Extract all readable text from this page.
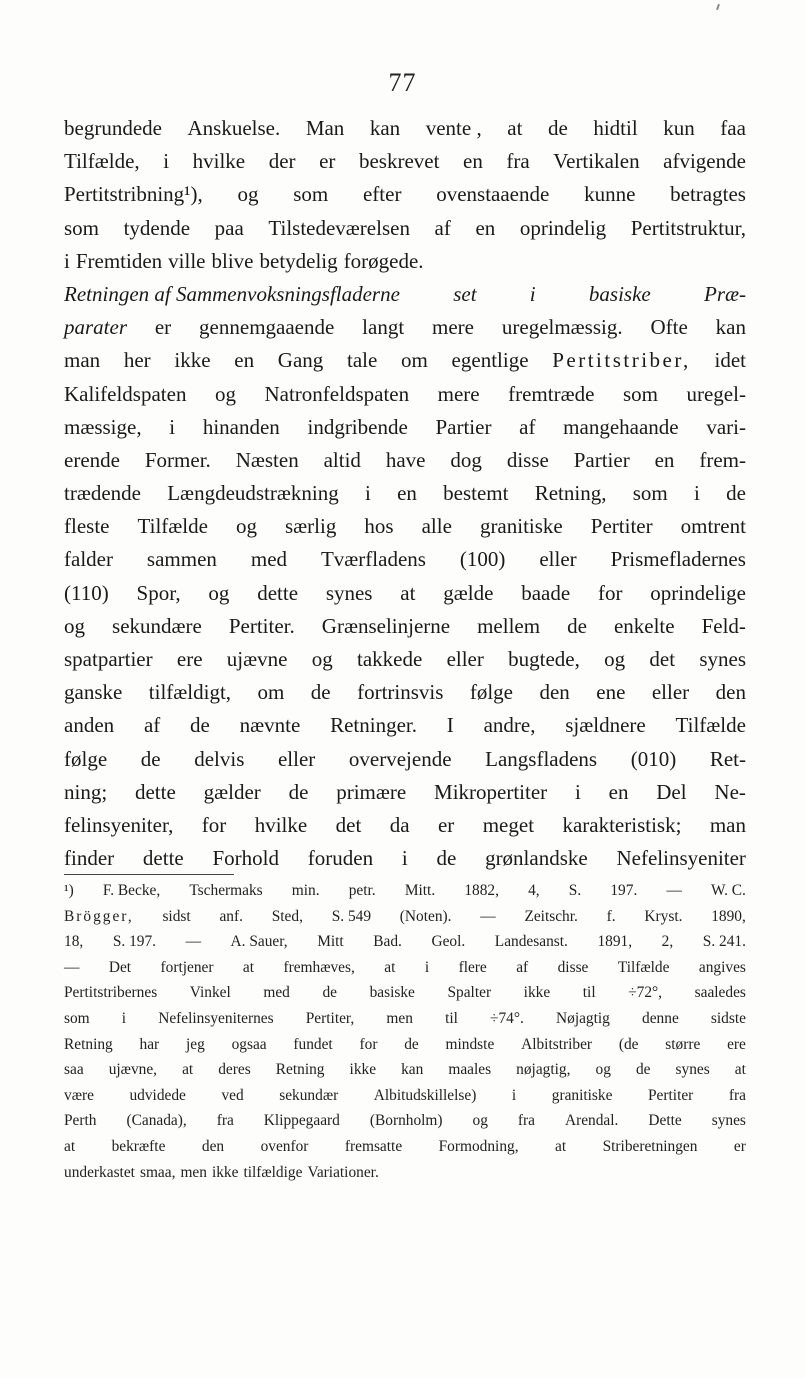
77
begrundede Anskuelse. Man kan vente , at de hidtil kun faa
Tilfælde, i hvilke der er beskrevet en fra Vertikalen afvigende
Pertitstribning¹), og som efter ovenstaaende kunne betragtes
som tydende paa Tilstedeværelsen af en oprindelig Pertitstruktur,
i Fremtiden ville blive betydelig forøgede.
Retningen af Sammenvoksningsfladerne	set	i	basiske	Præ-
parater er gennemgaaende langt mere uregelmæssig. Ofte kan
man her ikke en Gang tale om egentlige Pertitstriber, idet
Kalifeldspaten og Natronfeldspaten mere fremtræde som uregel-
mæssige, i hinanden indgribende Partier af mangehaande vari-
erende Former. Næsten altid have dog disse Partier en frem-
trædende Længdeudstrækning i en bestemt Retning, som i de
fleste Tilfælde og særlig hos alle granitiske Pertiter omtrent
falder sammen med Tværfladens (100) eller Prismefladernes
(110) Spor, og dette synes at gælde baade for oprindelige
og sekundære Pertiter. Grænselinjerne mellem de enkelte Feld-
spatpartier ere ujævne og takkede eller bugtede, og det synes
ganske tilfældigt, om de fortrinsvis følge den ene eller den
anden af de nævnte Retninger. I andre, sjældnere Tilfælde
følge de delvis eller overvejende Langsfladens (010) Ret-
ning; dette gælder de primære Mikropertiter i en Del Ne-
felinsyeniter, for hvilke det da er meget karakteristisk; man
finder dette Forhold foruden i de grønlandske Nefelinsyeniter
¹) F. Becke, Tschermaks min. petr. Mitt. 1882, 4, S. 197. — W. C.
Brögger, sidst anf. Sted, S. 549 (Noten). — Zeitschr. f. Kryst. 1890,
18, S. 197. — A. Sauer, Mitt Bad. Geol. Landesanst. 1891, 2, S. 241.
— Det fortjener at fremhæves, at i flere af disse Tilfælde angives
Pertitstribernes Vinkel med de basiske Spalter ikke til ÷72°, saaledes
som i Nefelinsyeniternes Pertiter, men til ÷74°. Nøjagtig denne sidste
Retning har jeg ogsaa fundet for de mindste Albitstriber (de større ere
saa ujævne, at deres Retning ikke kan maales nøjagtig, og de synes at
være udvidede ved sekundær Albitudskillelse) i granitiske Pertiter fra
Perth (Canada), fra Klippegaard (Bornholm) og fra Arendal. Dette synes
at bekræfte den ovenfor fremsatte Formodning, at Striberetningen er
underkastet smaa, men ikke tilfældige Variationer.
